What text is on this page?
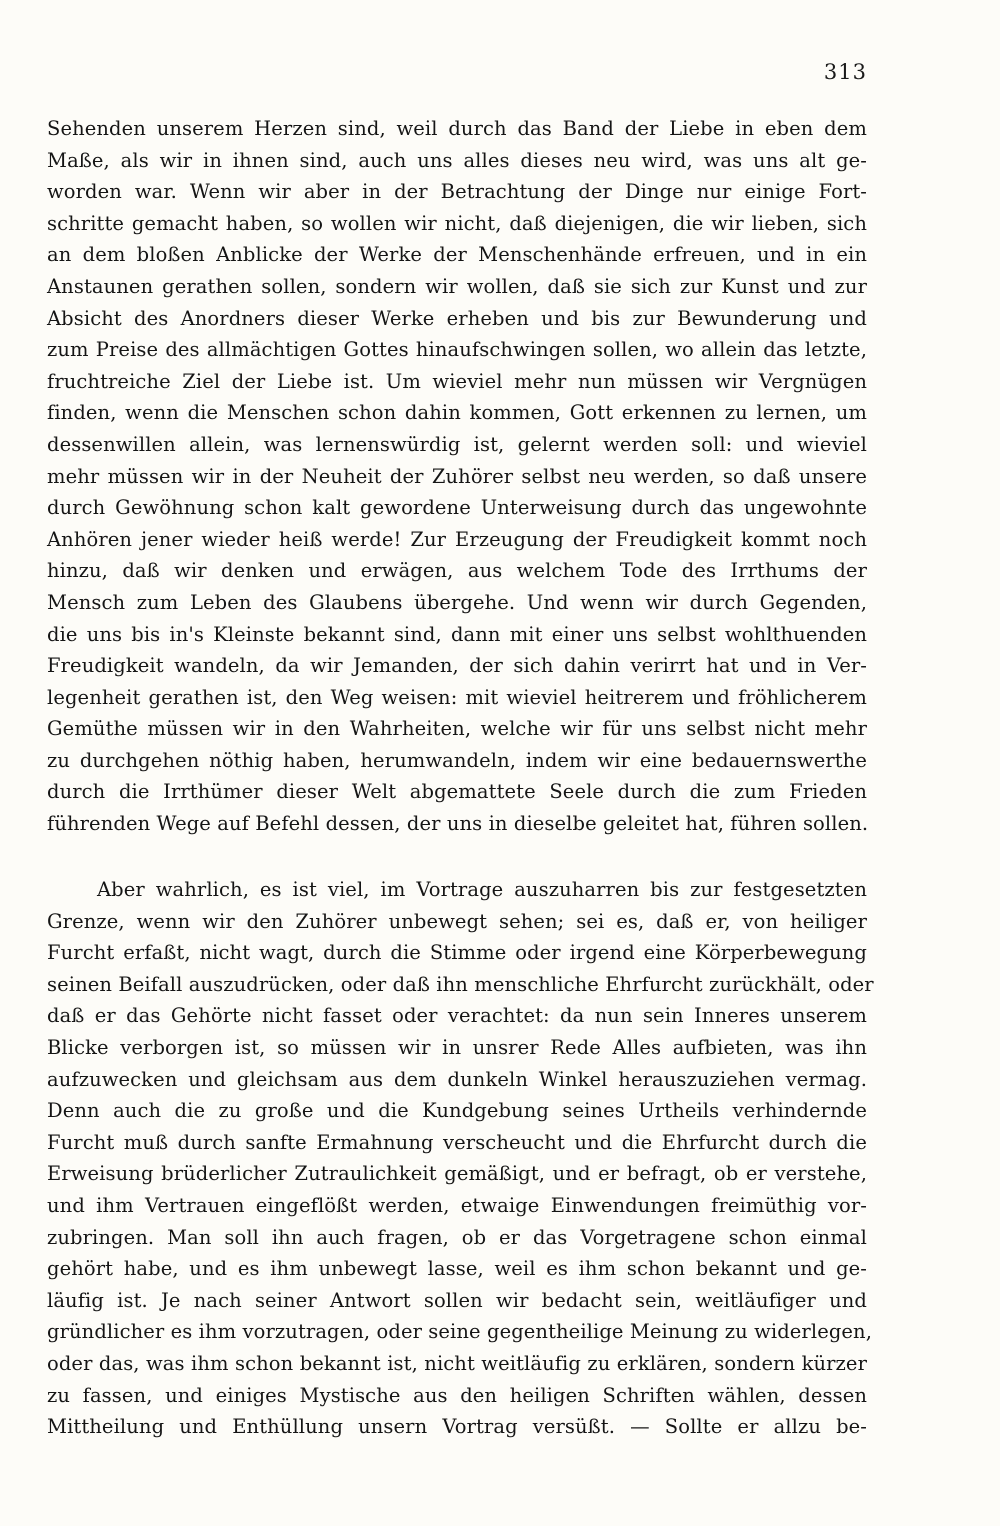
313
Sehenden unserem Herzen sind, weil durch das Band der Liebe in eben dem
Maße, als wir in ihnen sind, auch uns alles dieses neu wird, was uns alt ge-
worden war. Wenn wir aber in der Betrachtung der Dinge nur einige Fort-
schritte gemacht haben, so wollen wir nicht, daß diejenigen, die wir lieben, sich
an dem bloßen Anblicke der Werke der Menschenhände erfreuen, und in ein
Anstaunen gerathen sollen, sondern wir wollen, daß sie sich zur Kunst und zur
Absicht des Anordners dieser Werke erheben und bis zur Bewunderung und
zum Preise des allmächtigen Gottes hinaufschwingen sollen, wo allein das letzte,
fruchtreiche Ziel der Liebe ist. Um wieviel mehr nun müssen wir Vergnügen
finden, wenn die Menschen schon dahin kommen, Gott erkennen zu lernen, um
dessenwillen allein, was lernenswürdig ist, gelernt werden soll: und wieviel
mehr müssen wir in der Neuheit der Zuhörer selbst neu werden, so daß unsere
durch Gewöhnung schon kalt gewordene Unterweisung durch das ungewohnte
Anhören jener wieder heiß werde! Zur Erzeugung der Freudigkeit kommt noch
hinzu, daß wir denken und erwägen, aus welchem Tode des Irrthums der
Mensch zum Leben des Glaubens übergehe. Und wenn wir durch Gegenden,
die uns bis in's Kleinste bekannt sind, dann mit einer uns selbst wohlthuenden
Freudigkeit wandeln, da wir Jemanden, der sich dahin verirrt hat und in Ver-
legenheit gerathen ist, den Weg weisen: mit wieviel heitrerem und fröhlicherem
Gemüthe müssen wir in den Wahrheiten, welche wir für uns selbst nicht mehr
zu durchgehen nöthig haben, herumwandeln, indem wir eine bedauernswerthe
durch die Irrthümer dieser Welt abgemattete Seele durch die zum Frieden
führenden Wege auf Befehl dessen, der uns in dieselbe geleitet hat, führen sollen.
Aber wahrlich, es ist viel, im Vortrage auszuharren bis zur festgesetzten
Grenze, wenn wir den Zuhörer unbewegt sehen; sei es, daß er, von heiliger
Furcht erfaßt, nicht wagt, durch die Stimme oder irgend eine Körperbewegung
seinen Beifall auszudrücken, oder daß ihn menschliche Ehrfurcht zurückhält, oder
daß er das Gehörte nicht fasset oder verachtet: da nun sein Inneres unserem
Blicke verborgen ist, so müssen wir in unsrer Rede Alles aufbieten, was ihn
aufzuwecken und gleichsam aus dem dunkeln Winkel herauszuziehen vermag.
Denn auch die zu große und die Kundgebung seines Urtheils verhindernde
Furcht muß durch sanfte Ermahnung verscheucht und die Ehrfurcht durch die
Erweisung brüderlicher Zutraulichkeit gemäßigt, und er befragt, ob er verstehe,
und ihm Vertrauen eingeflößt werden, etwaige Einwendungen freimüthig vor-
zubringen. Man soll ihn auch fragen, ob er das Vorgetragene schon einmal
gehört habe, und es ihm unbewegt lasse, weil es ihm schon bekannt und ge-
läufig ist. Je nach seiner Antwort sollen wir bedacht sein, weitläufiger und
gründlicher es ihm vorzutragen, oder seine gegentheilige Meinung zu widerlegen,
oder das, was ihm schon bekannt ist, nicht weitläufig zu erklären, sondern kürzer
zu fassen, und einiges Mystische aus den heiligen Schriften wählen, dessen
Mittheilung und Enthüllung unsern Vortrag versüßt. — Sollte er allzu be-
